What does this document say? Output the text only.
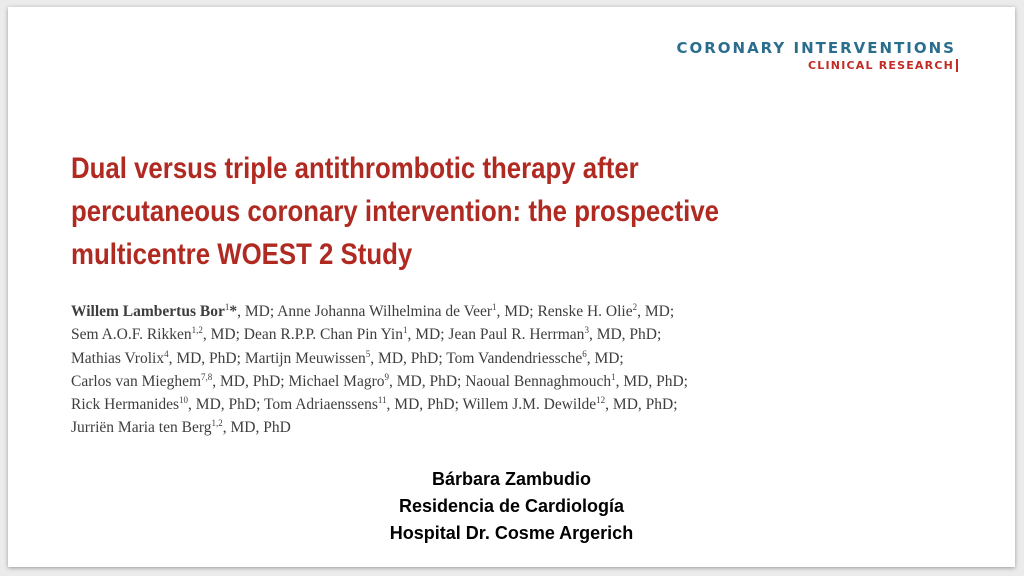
CORONARY INTERVENTIONS
CLINICAL RESEARCH
Dual versus triple antithrombotic therapy after percutaneous coronary intervention: the prospective multicentre WOEST 2 Study
Willem Lambertus Bor$^1$*, MD; Anne Johanna Wilhelmina de Veer$^1$, MD; Renske H. Olie$^2$, MD;
Sem A.O.F. Rikken$^{1,2}$, MD; Dean R.P.P. Chan Pin Yin$^1$, MD; Jean Paul R. Herrman$^3$, MD, PhD;
Mathias Vrolix$^4$, MD, PhD; Martijn Meuwissen$^5$, MD, PhD; Tom Vandendriessche$^6$, MD;
Carlos van Mieghem$^{7,8}$, MD, PhD; Michael Magro$^9$, MD, PhD; Naoual Bennaghmouch$^1$, MD, PhD;
Rick Hermanides$^{10}$, MD, PhD; Tom Adriaenssens$^{11}$, MD, PhD; Willem J.M. Dewilde$^{12}$, MD, PhD;
Jurriën Maria ten Berg$^{1,2}$, MD, PhD
Bárbara Zambudio
Residencia de Cardiología
Hospital Dr. Cosme Argerich
